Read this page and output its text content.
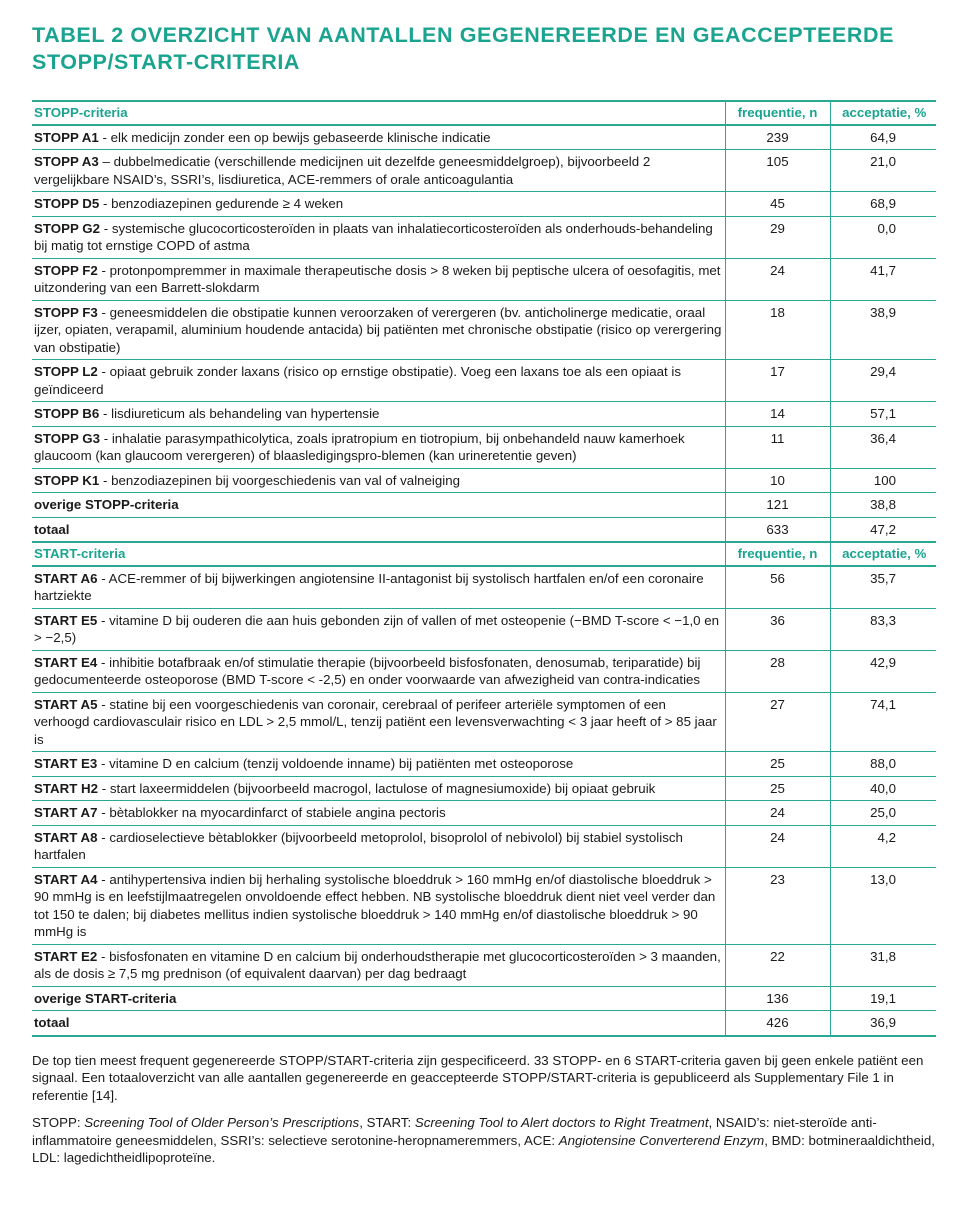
TABEL 2 OVERZICHT VAN AANTALLEN GEGENEREERDE EN GEACCEPTEERDE STOPP/START-CRITERIA
STOPP-criteria	frequentie, n	acceptatie, %
STOPP A1 - elk medicijn zonder een op bewijs gebaseerde klinische indicatie	239	64,9
STOPP A3 – dubbelmedicatie (verschillende medicijnen uit dezelfde geneesmiddelgroep), bijvoorbeeld 2 vergelijkbare NSAID’s, SSRI’s, lisdiuretica, ACE-remmers of orale anticoagulantia	105	21,0
STOPP D5 - benzodiazepinen gedurende ≥ 4 weken	45	68,9
STOPP G2 - systemische glucocorticosteroïden in plaats van inhalatiecorticosteroïden als onderhouds-behandeling bij matig tot ernstige COPD of astma	29	0,0
STOPP F2 - protonpompremmer in maximale therapeutische dosis > 8 weken bij peptische ulcera of oesofagitis, met uitzondering van een Barrett-slokdarm	24	41,7
STOPP F3 - geneesmiddelen die obstipatie kunnen veroorzaken of verergeren (bv. anticholinerge medicatie, oraal ijzer, opiaten, verapamil, aluminium houdende antacida) bij patiënten met chronische obstipatie (risico op verergering van obstipatie)	18	38,9
STOPP L2 - opiaat gebruik zonder laxans (risico op ernstige obstipatie). Voeg een laxans toe als een opiaat is geïndiceerd	17	29,4
STOPP B6 - lisdiureticum als behandeling van hypertensie	14	57,1
STOPP G3 - inhalatie parasympathicolytica, zoals ipratropium en tiotropium, bij onbehandeld nauw kamerhoek glaucoom (kan glaucoom verergeren) of blaasledigingspro-blemen (kan urineretentie geven)	11	36,4
STOPP K1 - benzodiazepinen bij voorgeschiedenis van val of valneiging	10	100
overige STOPP-criteria	121	38,8
totaal	633	47,2
START-criteria	frequentie, n	acceptatie, %
START A6 - ACE-remmer of bij bijwerkingen angiotensine II-antagonist bij systolisch hartfalen en/of een coronaire hartziekte	56	35,7
START E5 - vitamine D bij ouderen die aan huis gebonden zijn of vallen of met osteopenie (−BMD T-score < −1,0 en > −2,5)	36	83,3
START E4 - inhibitie botafbraak en/of stimulatie therapie (bijvoorbeeld bisfosfonaten, denosumab, teriparatide) bij gedocumenteerde osteoporose (BMD T-score < -2,5) en onder voorwaarde van afwezigheid van contra-indicaties	28	42,9
START A5 - statine bij een voorgeschiedenis van coronair, cerebraal of perifeer arteriële symptomen of een verhoogd cardiovasculair risico en LDL > 2,5 mmol/L, tenzij patiënt een levensverwachting < 3 jaar heeft of > 85 jaar is	27	74,1
START E3 - vitamine D en calcium (tenzij voldoende inname) bij patiënten met osteoporose	25	88,0
START H2 - start laxeermiddelen (bijvoorbeeld macrogol, lactulose of magnesiumoxide) bij opiaat gebruik	25	40,0
START A7 - bètablokker na myocardinfarct of stabiele angina pectoris	24	25,0
START A8 - cardioselectieve bètablokker (bijvoorbeeld metoprolol, bisoprolol of nebivolol) bij stabiel systolisch hartfalen	24	4,2
START A4 - antihypertensiva indien bij herhaling systolische bloeddruk > 160 mmHg en/of diastolische bloeddruk > 90 mmHg is en leefstijlmaatregelen onvoldoende effect hebben. NB systolische bloeddruk dient niet veel verder dan tot 150 te dalen; bij diabetes mellitus indien systolische bloeddruk > 140 mmHg en/of diastolische bloeddruk > 90 mmHg is	23	13,0
START E2 - bisfosfonaten en vitamine D en calcium bij onderhoudstherapie met glucocorticosteroïden > 3 maanden, als de dosis ≥ 7,5 mg prednison (of equivalent daarvan) per dag bedraagt	22	31,8
overige START-criteria	136	19,1
totaal	426	36,9

De top tien meest frequent gegenereerde STOPP/START-criteria zijn gespecificeerd. 33 STOPP- en 6 START-criteria gaven bij geen enkele patiënt een signaal. Een totaaloverzicht van alle aantallen gegenereerde en geaccepteerde STOPP/START-criteria is gepubliceerd als Supplementary File 1 in referentie [14].

STOPP: Screening Tool of Older Person’s Prescriptions, START: Screening Tool to Alert doctors to Right Treatment, NSAID’s: niet-steroïde anti-inflammatoire geneesmiddelen, SSRI’s: selectieve serotonine-heropnameremmers, ACE: Angiotensine Converterend Enzym, BMD: botmineraaldichtheid, LDL: lagedichtheidlipoproteïne.
